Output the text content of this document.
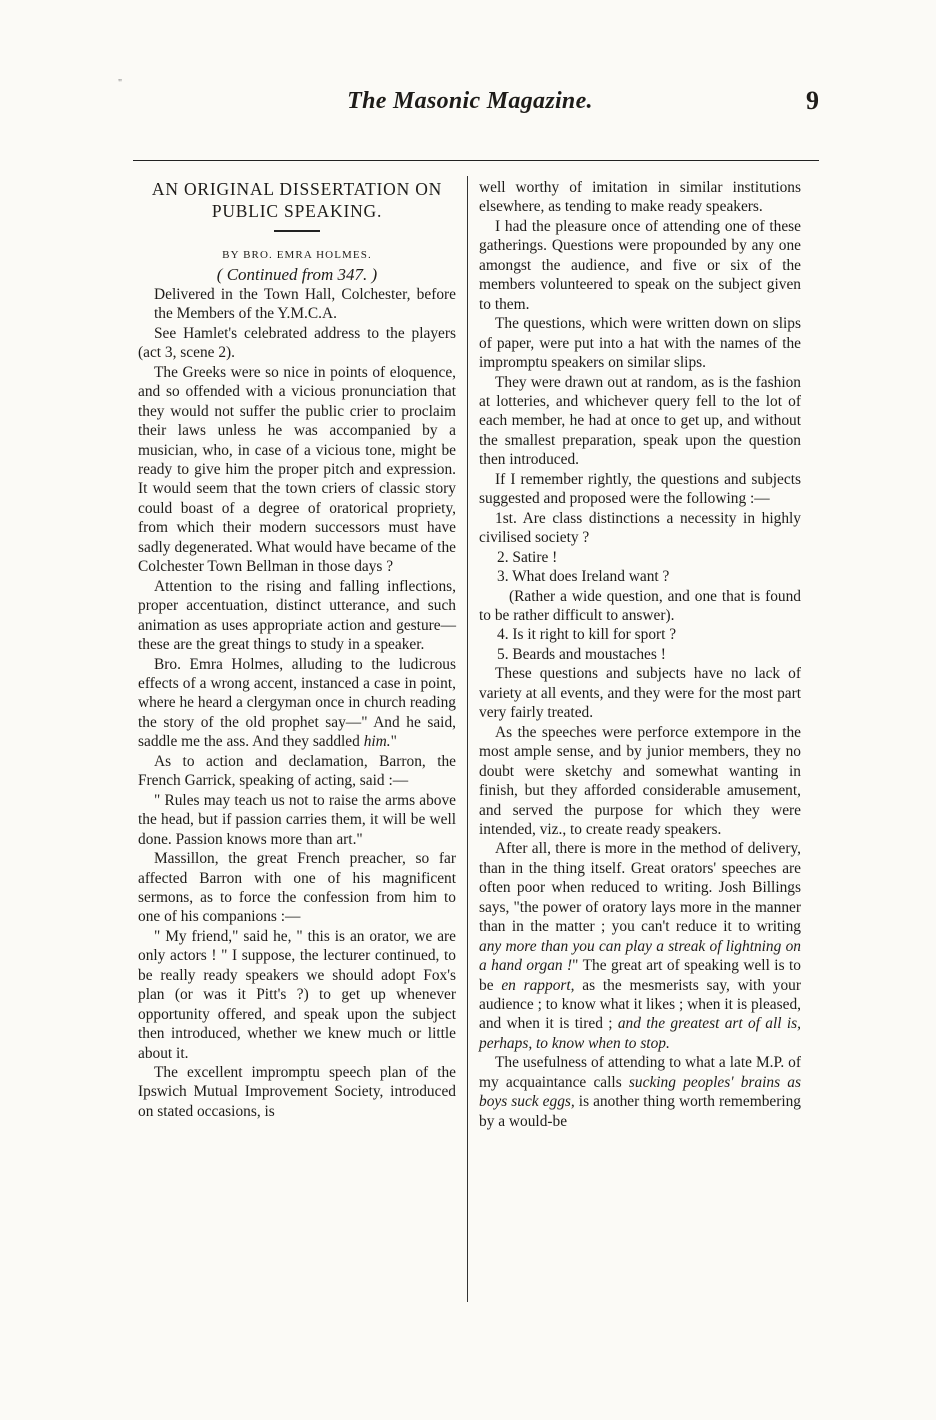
"
The Masonic Magazine.	9

AN ORIGINAL DISSERTATION ON

PUBLIC SPEAKING.

BY BRO. EMRA HOLMES.

( Continued from 347. )

Delivered in the Town Hall, Colchester, before the Members of the Y.M.C.A.

See Hamlet's celebrated address to the players (act 3, scene 2).

The Greeks were so nice in points of eloquence, and so offended with a vicious pronunciation that they would not suffer the public crier to proclaim their laws unless he was accompanied by a musician, who, in case of a vicious tone, might be ready to give him the proper pitch and expression. It would seem that the town criers of classic story could boast of a degree of oratorical propriety, from which their modern successors must have sadly degenerated. What would have became of the Colchester Town Bellman in those days ?

Attention to the rising and falling inflections, proper accentuation, distinct utterance, and such animation as uses appropriate action and gesture—these are the great things to study in a speaker.

Bro. Emra Holmes, alluding to the ludicrous effects of a wrong accent, instanced a case in point, where he heard a clergyman once in church reading the story of the old prophet say—" And he said, saddle me the ass. And they saddled him."

As to action and declamation, Barron, the French Garrick, speaking of acting, said :—

" Rules may teach us not to raise the arms above the head, but if passion carries them, it will be well done. Passion knows more than art."

Massillon, the great French preacher, so far affected Barron with one of his magnificent sermons, as to force the confession from him to one of his companions :—

" My friend," said he, " this is an orator, we are only actors ! " I suppose, the lecturer continued, to be really ready speakers we should adopt Fox's plan (or was it Pitt's ?) to get up whenever opportunity offered, and speak upon the subject then introduced, whether we knew much or little about it.

The excellent impromptu speech plan of the Ipswich Mutual Improvement Society, introduced on stated occasions, is

well worthy of imitation in similar institutions elsewhere, as tending to make ready speakers.

I had the pleasure once of attending one of these gatherings. Questions were propounded by any one amongst the audience, and five or six of the members volunteered to speak on the subject given to them.

The questions, which were written down on slips of paper, were put into a hat with the names of the impromptu speakers on similar slips.

They were drawn out at random, as is the fashion at lotteries, and whichever query fell to the lot of each member, he had at once to get up, and without the smallest preparation, speak upon the question then introduced.

If I remember rightly, the questions and subjects suggested and proposed were the following :—

1st. Are class distinctions a necessity in highly civilised society ?

2. Satire !

3. What does Ireland want ?

(Rather a wide question, and one that is found to be rather difficult to answer).

4. Is it right to kill for sport ?

5. Beards and moustaches !

These questions and subjects have no lack of variety at all events, and they were for the most part very fairly treated.

As the speeches were perforce extempore in the most ample sense, and by junior members, they no doubt were sketchy and somewhat wanting in finish, but they afforded considerable amusement, and served the purpose for which they were intended, viz., to create ready speakers.

After all, there is more in the method of delivery, than in the thing itself. Great orators' speeches are often poor when reduced to writing. Josh Billings says, "the power of oratory lays more in the manner than in the matter ; you can't reduce it to writing any more than you can play a streak of lightning on a hand organ !" The great art of speaking well is to be en rapport, as the mesmerists say, with your audience ; to know what it likes ; when it is pleased, and when it is tired ; and the greatest art of all is, perhaps, to know when to stop.

The usefulness of attending to what a late M.P. of my acquaintance calls sucking peoples' brains as boys suck eggs, is another thing worth remembering by a would-be
